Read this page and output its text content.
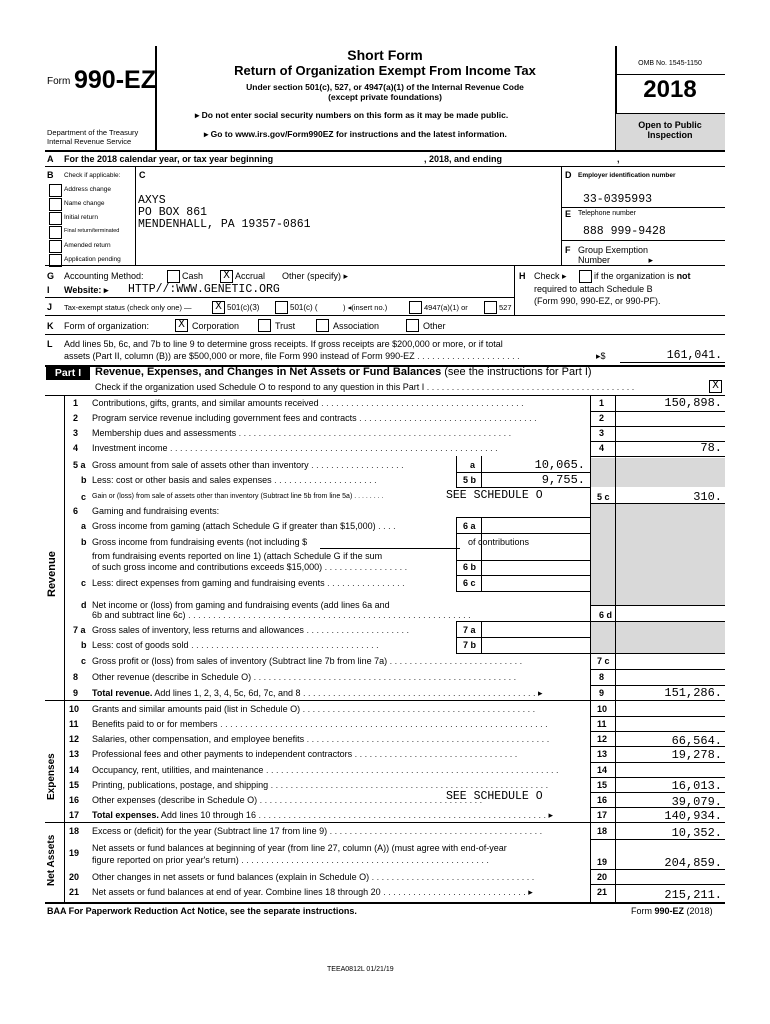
Form 990-EZ
Department of the Treasury
Internal Revenue Service
Short Form
Return of Organization Exempt From Income Tax
Under section 501(c), 527, or 4947(a)(1) of the Internal Revenue Code
(except private foundations)
▸ Do not enter social security numbers on this form as it may be made public.
▸ Go to www.irs.gov/Form990EZ for instructions and the latest information.
OMB No. 1545-1150
2018
Open to Public
Inspection
A For the 2018 calendar year, or tax year beginning	, 2018, and ending	,
B Check if applicable:
Address change
Name change
Initial return
Final return/terminated
Amended return
Application pending
C
AXYS
PO BOX 861
MENDENHALL, PA 19357-0861
D Employer identification number
33-0395993
E Telephone number
888 999-9428
F Group Exemption
Number	▸
G Accounting Method:	Cash X Accrual Other (specify) ▸	H Check ▸	if the organization is not
required to attach Schedule B
(Form 990, 990-EZ, or 990-PF).
I Website: ▸ HTTP//:WWW.GENETIC.ORG
J Tax-exempt status (check only one) — X 501(c)(3)	501(c) (	) ◂(insert no.)	4947(a)(1) or	527
K Form of organization:	X Corporation	Trust	Association	Other
L Add lines 5b, 6c, and 7b to line 9 to determine gross receipts. If gross receipts are $200,000 or more, or if total
assets (Part II, column (B)) are $500,000 or more, file Form 990 instead of Form 990-EZ . . . . . . . . . . . . . . . . . . . . .	▸$	161,041.
Part I	Revenue, Expenses, and Changes in Net Assets or Fund Balances (see the instructions for Part I)
Check if the organization used Schedule O to respond to any question in this Part I . . . . . . . . . . . . . . . . . . . . . . . . . . . . . . . . . . . . . . . . . .	X
Revenue
Expenses
Net Assets
1 Contributions, gifts, grants, and similar amounts received . . . . . . . . . . . . . . . . . . . . . . . . . . . . . . . . . . . . . . . . .	1	150,898.
2 Program service revenue including government fees and contracts . . . . . . . . . . . . . . . . . . . . . . . . . . . . . . . . . . . .	2
3 Membership dues and assessments . . . . . . . . . . . . . . . . . . . . . . . . . . . . . . . . . . . . . . . . . . . . . . . . . . . . . . .	3
4 Investment income . . . . . . . . . . . . . . . . . . . . . . . . . . . . . . . . . . . . . . . . . . . . . . . . . . . . . . . . . . . . . . . . . .	4	78.
5 a Gross amount from sale of assets other than inventory . . . . . . . . . . . . . . . . . . .	a	10,065.
b Less: cost or other basis and sales expenses . . . . . . . . . . . . . . . . . . . . .	5 b	9,755.
c Gain or (loss) from sale of assets other than inventory (Subtract line 5b from line 5a) . . . . . . . .	SEE SCHEDULE O	5 c	310.
6 Gaming and fundraising events:
a Gross income from gaming (attach Schedule G if greater than $15,000) . . . .	6 a
b Gross income from fundraising events (not including $	of contributions
from fundraising events reported on line 1) (attach Schedule G if the sum
of such gross income and contributions exceeds $15,000) . . . . . . . . . . . . . . . . .	6 b
c Less: direct expenses from gaming and fundraising events . . . . . . . . . . . . . . . .	6 c
d Net income or (loss) from gaming and fundraising events (add lines 6a and
6b and subtract line 6c) . . . . . . . . . . . . . . . . . . . . . . . . . . . . . . . . . . . . . . . . . . . . . . . . . . . . . . . . .	6 d
7 a Gross sales of inventory, less returns and allowances . . . . . . . . . . . . . . . . . . . . .	7 a
b Less: cost of goods sold . . . . . . . . . . . . . . . . . . . . . . . . . . . . . . . . . . . . . .	7 b
c Gross profit or (loss) from sales of inventory (Subtract line 7b from line 7a) . . . . . . . . . . . . . . . . . . . . . . . . . . .	7 c
8 Other revenue (describe in Schedule O) . . . . . . . . . . . . . . . . . . . . . . . . . . . . . . . . . . . . . . . . . . . . . . . . . . . . .	8
9 Total revenue. Add lines 1, 2, 3, 4, 5c, 6d, 7c, and 8 . . . . . . . . . . . . . . . . . . . . . . . . . . . . . . . . . . . . . . . . . . . . . . . ▸	9	151,286.
10 Grants and similar amounts paid (list in Schedule O) . . . . . . . . . . . . . . . . . . . . . . . . . . . . . . . . . . . . . . . . . . . . . . .	10
11 Benefits paid to or for members . . . . . . . . . . . . . . . . . . . . . . . . . . . . . . . . . . . . . . . . . . . . . . . . . . . . . . . . . . . . . . . . . .	11
12 Salaries, other compensation, and employee benefits . . . . . . . . . . . . . . . . . . . . . . . . . . . . . . . . . . . . . . . . . . . . . . . . .	12	66,564.
13 Professional fees and other payments to independent contractors . . . . . . . . . . . . . . . . . . . . . . . . . . . . . . . . .	13	19,278.
14 Occupancy, rent, utilities, and maintenance . . . . . . . . . . . . . . . . . . . . . . . . . . . . . . . . . . . . . . . . . . . . . . . . . . . . . . . . . . .	14
15 Printing, publications, postage, and shipping . . . . . . . . . . . . . . . . . . . . . . . . . . . . . . . . . . . . . . . . . . . . . . . . . . . . . . . .	15	16,013.
16 Other expenses (describe in Schedule O) . . . . . . . . . . . . . . . . . . . . . . . . . . . . . . . . . . . . . . . . . . . . .
SEE SCHEDULE O	16	39,079.
17 Total expenses. Add lines 10 through 16 . . . . . . . . . . . . . . . . . . . . . . . . . . . . . . . . . . . . . . . . . . . . . . . . . . . . . . . . . . ▸	17	140,934.
18 Excess or (deficit) for the year (Subtract line 17 from line 9) . . . . . . . . . . . . . . . . . . . . . . . . . . . . . . . . . . . . . . . . . . .	18	10,352.
19 Net assets or fund balances at beginning of year (from line 27, column (A)) (must agree with end-of-year
figure reported on prior year's return) . . . . . . . . . . . . . . . . . . . . . . . . . . . . . . . . . . . . . . . . . . . . . . . . . .	19	204,859.
20 Other changes in net assets or fund balances (explain in Schedule O) . . . . . . . . . . . . . . . . . . . . . . . . . . . . . . . . .	20
21 Net assets or fund balances at end of year. Combine lines 18 through 20 . . . . . . . . . . . . . . . . . . . . . . . . . . . . . ▸	21	215,211.
BAA For Paperwork Reduction Act Notice, see the separate instructions.	Form 990-EZ (2018)
TEEA0812L 01/21/19
